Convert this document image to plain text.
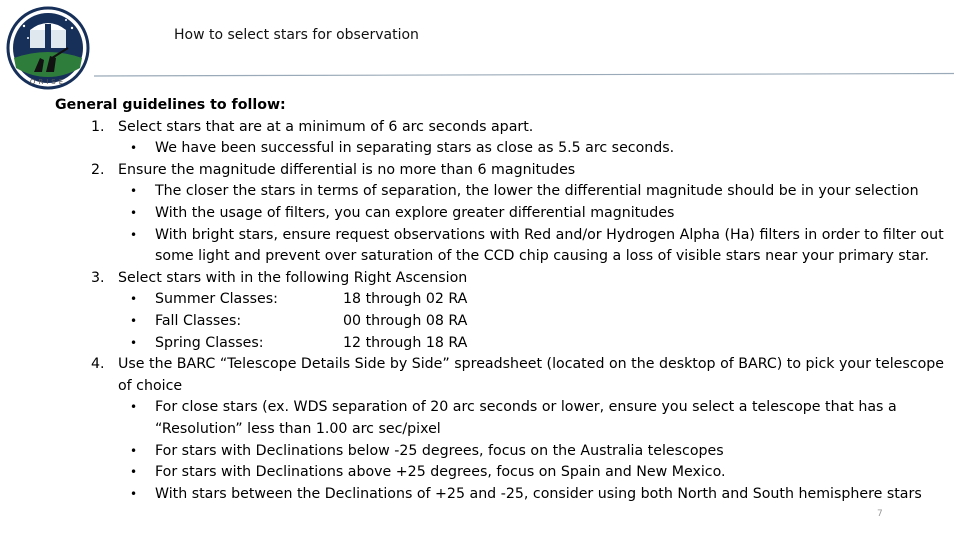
ORISE
How to select stars for observation

General guidelines to follow:

1. Select stars that are at a minimum of 6 arc seconds apart.
• We have been successful in separating stars as close as 5.5 arc seconds.
2. Ensure the magnitude differential is no more than 6 magnitudes
• The closer the stars in terms of separation, the lower the differential magnitude should be in your selection
• With the usage of filters, you can explore greater differential magnitudes
• With bright stars, ensure request observations with Red and/or Hydrogen Alpha (Ha) filters in order to filter out some light and prevent over saturation of the CCD chip causing a loss of visible stars near your primary star.
3. Select stars with in the following Right Ascension
• Summer Classes:	18 through 02 RA
• Fall Classes:	00 through 08 RA
• Spring Classes:	12 through 18 RA
4. Use the BARC “Telescope Details Side by Side” spreadsheet (located on the desktop of BARC) to pick your telescope of choice
• For close stars (ex. WDS separation of 20 arc seconds or lower, ensure you select a telescope that has a “Resolution” less than 1.00 arc sec/pixel
• For stars with Declinations below -25 degrees, focus on the Australia telescopes
• For stars with Declinations above +25 degrees, focus on Spain and New Mexico.
• With stars between the Declinations of +25 and -25, consider using both North and South hemisphere stars
7
